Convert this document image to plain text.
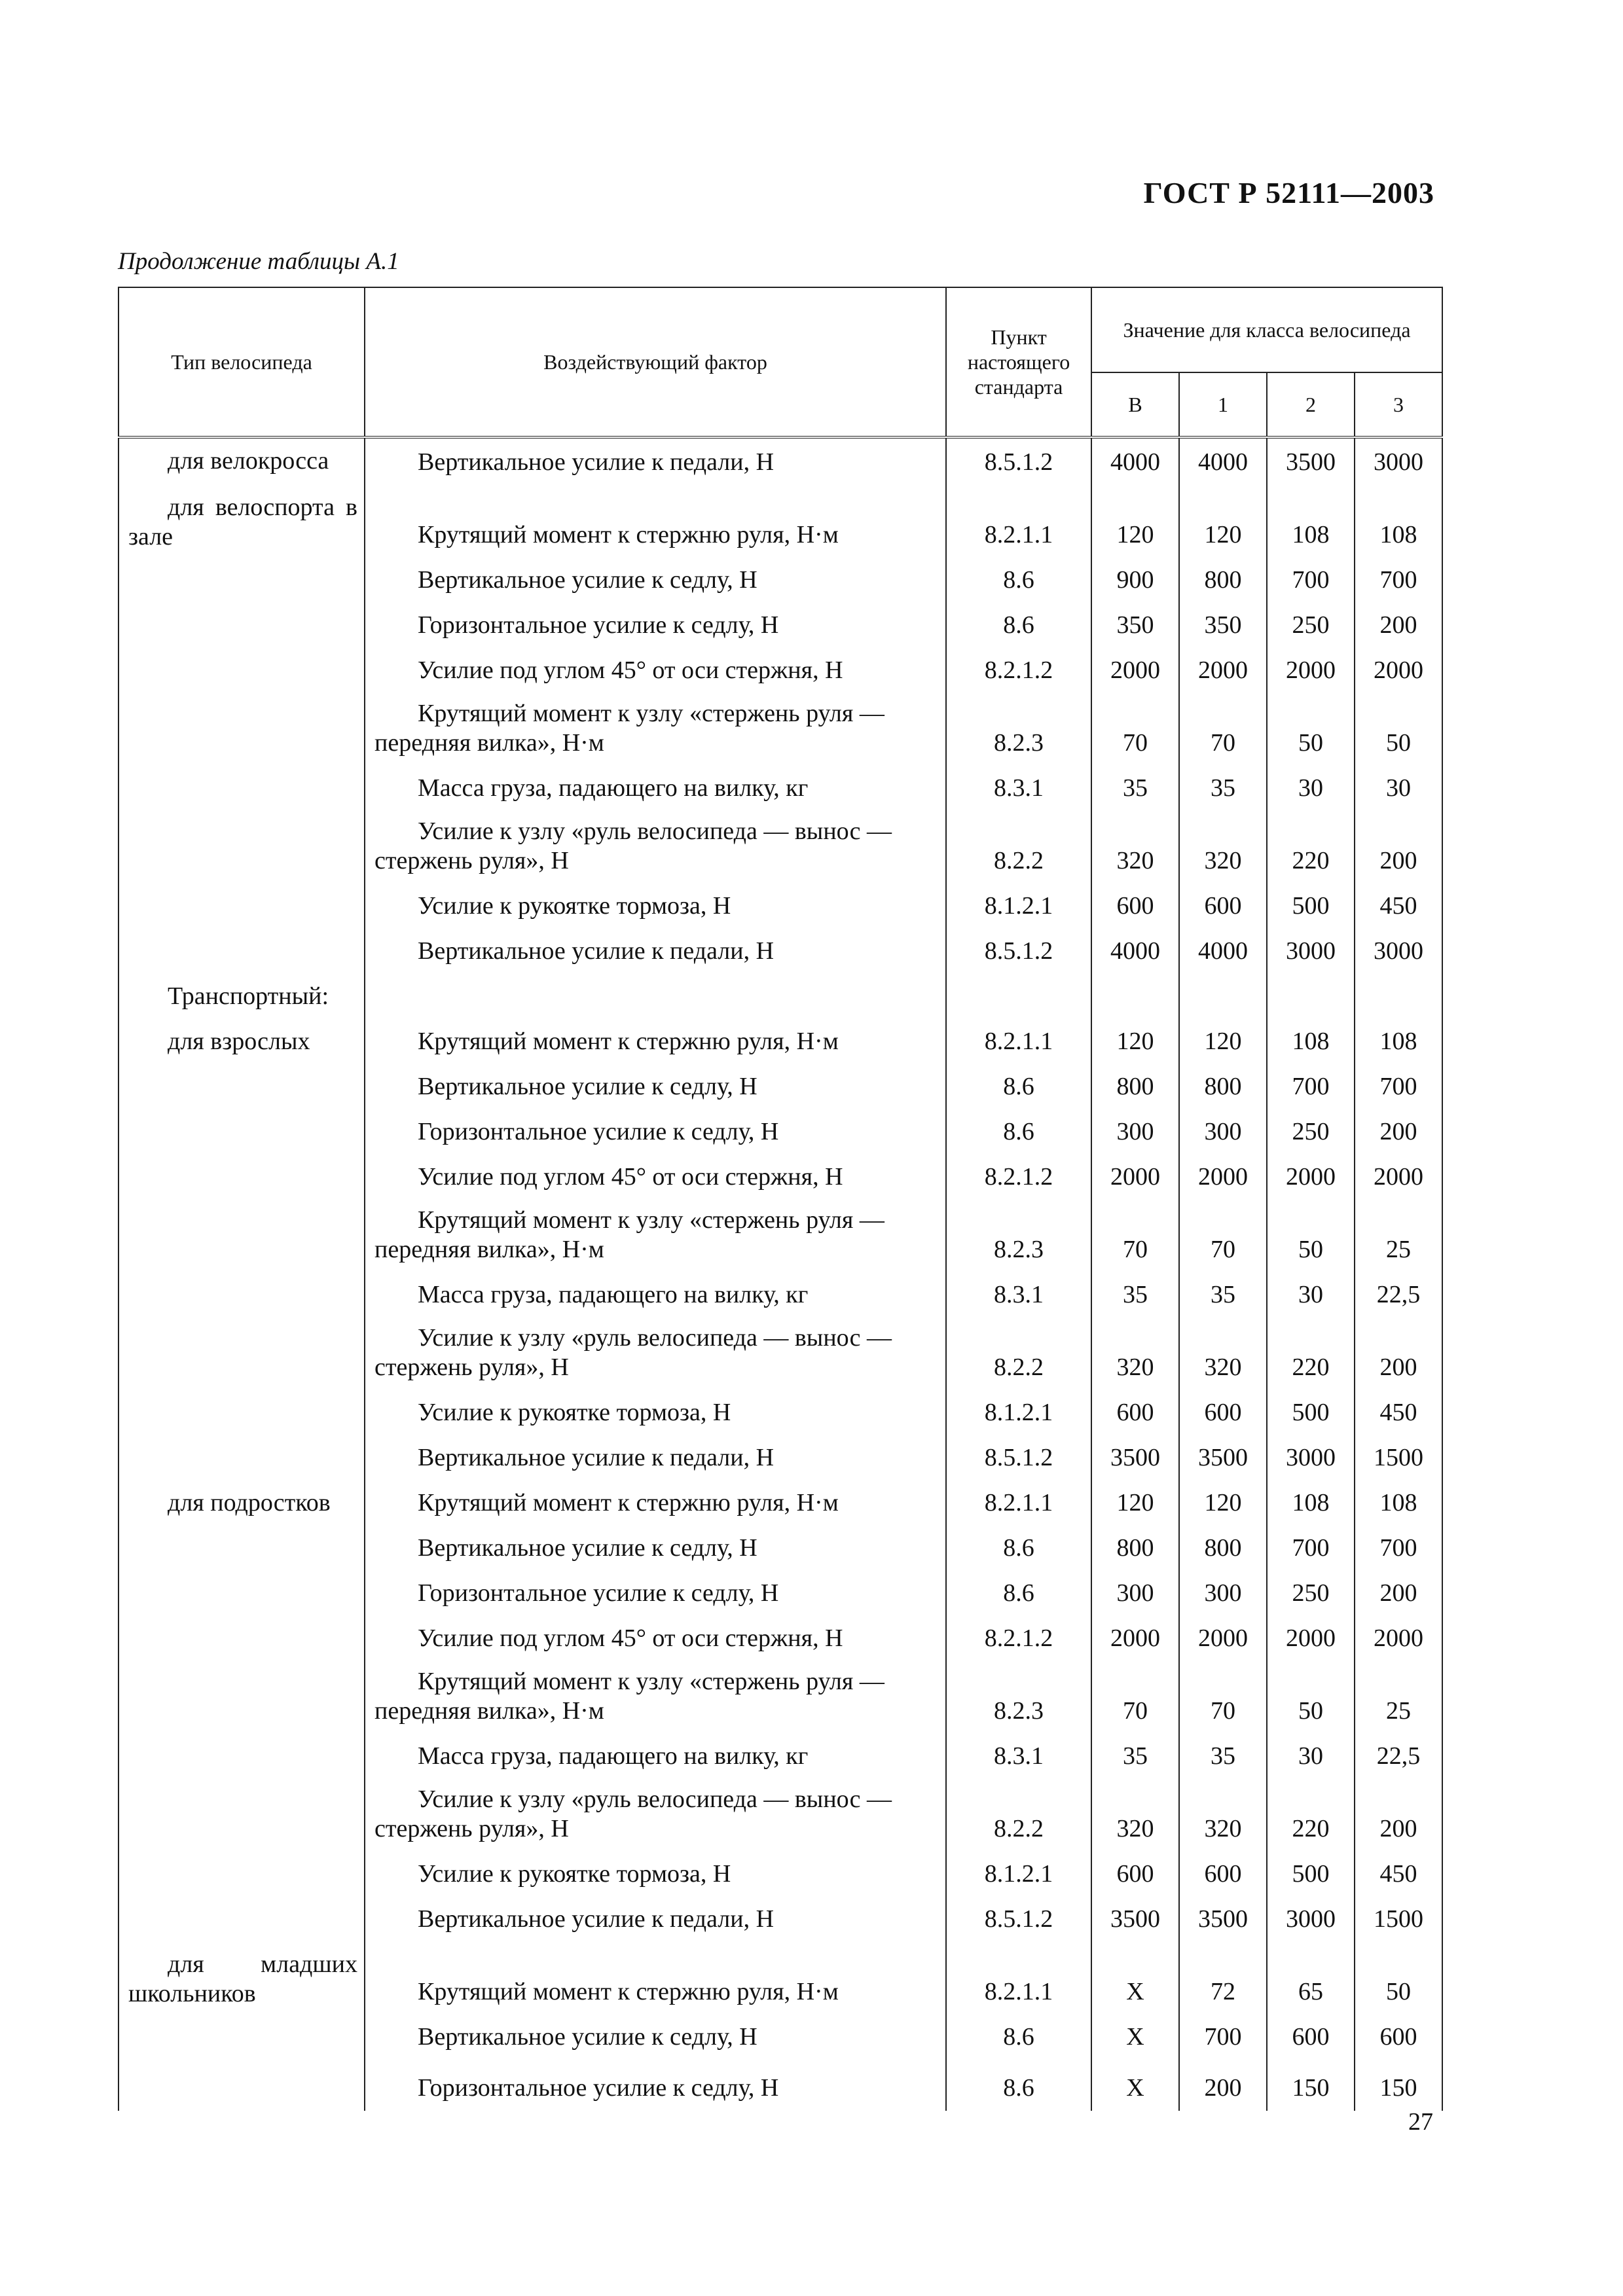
ГОСТ Р 52111—2003
Продолжение таблицы А.1
Тип велосипеда	Воздействующий фактор	Пункт настоящего стандарта	Значение для класса велосипеда			
			В	1	2	3

для велокросса	Вертикальное усилие к педали, Н	8.5.1.2	4000	4000	3500	3000

для велоспорта в зале	Крутящий момент к стержню руля, Н·м	8.2.1.1	120	120	108	108

	Вертикальное усилие к седлу, Н	8.6	900	800	700	700

	Горизонтальное усилие к седлу, Н	8.6	350	350	250	200

	Усилие под углом 45° от оси стержня, Н	8.2.1.2	2000	2000	2000	2000

	Крутящий момент к узлу «стержень руля — передняя вилка», Н·м	8.2.3	70	70	50	50

	Масса груза, падающего на вилку, кг	8.3.1	35	35	30	30

	Усилие к узлу «руль велосипеда — вынос — стержень руля», Н	8.2.2	320	320	220	200

	Усилие к рукоятке тормоза, Н	8.1.2.1	600	600	500	450

	Вертикальное усилие к педали, Н	8.5.1.2	4000	4000	3000	3000

Транспортный:						

для взрослых	Крутящий момент к стержню руля, Н·м	8.2.1.1	120	120	108	108

	Вертикальное усилие к седлу, Н	8.6	800	800	700	700

	Горизонтальное усилие к седлу, Н	8.6	300	300	250	200

	Усилие под углом 45° от оси стержня, Н	8.2.1.2	2000	2000	2000	2000

	Крутящий момент к узлу «стержень руля — передняя вилка», Н·м	8.2.3	70	70	50	25

	Масса груза, падающего на вилку, кг	8.3.1	35	35	30	22,5

	Усилие к узлу «руль велосипеда — вынос — стержень руля», Н	8.2.2	320	320	220	200

	Усилие к рукоятке тормоза, Н	8.1.2.1	600	600	500	450

	Вертикальное усилие к педали, Н	8.5.1.2	3500	3500	3000	1500

для подростков	Крутящий момент к стержню руля, Н·м	8.2.1.1	120	120	108	108

	Вертикальное усилие к седлу, Н	8.6	800	800	700	700

	Горизонтальное усилие к седлу, Н	8.6	300	300	250	200

	Усилие под углом 45° от оси стержня, Н	8.2.1.2	2000	2000	2000	2000

	Крутящий момент к узлу «стержень руля — передняя вилка», Н·м	8.2.3	70	70	50	25

	Масса груза, падающего на вилку, кг	8.3.1	35	35	30	22,5

	Усилие к узлу «руль велосипеда — вынос — стержень руля», Н	8.2.2	320	320	220	200

	Усилие к рукоятке тормоза, Н	8.1.2.1	600	600	500	450

	Вертикальное усилие к педали, Н	8.5.1.2	3500	3500	3000	1500

для младших школьников	Крутящий момент к стержню руля, Н·м	8.2.1.1	X	72	65	50

	Вертикальное усилие к седлу, Н	8.6	X	700	600	600

	Горизонтальное усилие к седлу, Н	8.6	X	200	150	150
27
